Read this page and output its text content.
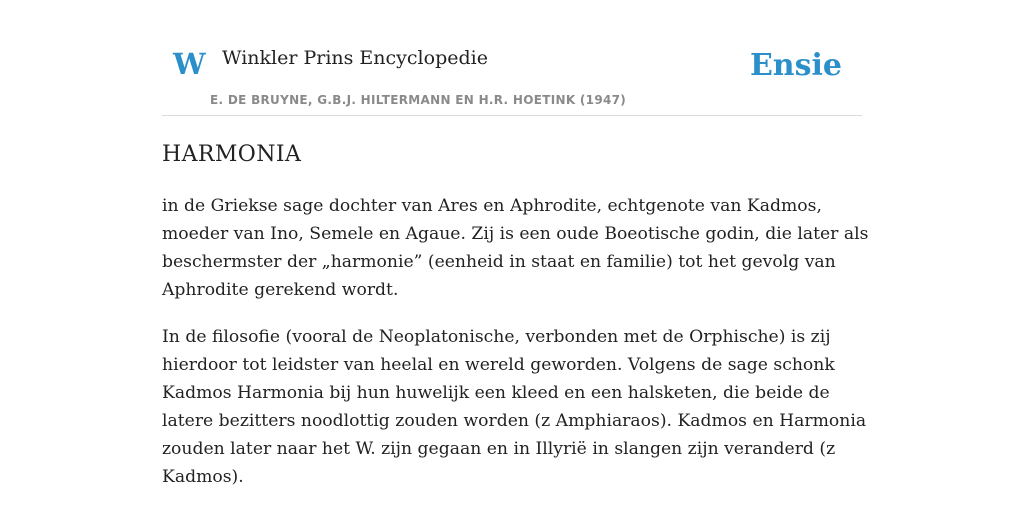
W Winkler Prins Encyclopedie
E. DE BRUYNE, G.B.J. HILTERMANN EN H.R. HOETINK (1947)
Ensie
HARMONIA

in de Griekse sage dochter van Ares en Aphrodite, echtgenote van Kadmos, moeder van Ino, Semele en Agaue. Zij is een oude Boeotische godin, die later als beschermster der „harmonie” (eenheid in staat en familie) tot het gevolg van Aphrodite gerekend wordt.

In de filosofie (vooral de Neoplatonische, verbonden met de Orphische) is zij hierdoor tot leidster van heelal en wereld geworden. Volgens de sage schonk Kadmos Harmonia bij hun huwelijk een kleed en een halsketen, die beide de latere bezitters noodlottig zouden worden (z Amphiaraos). Kadmos en Harmonia zouden later naar het W. zijn gegaan en in Illyrië in slangen zijn veranderd (z Kadmos).
